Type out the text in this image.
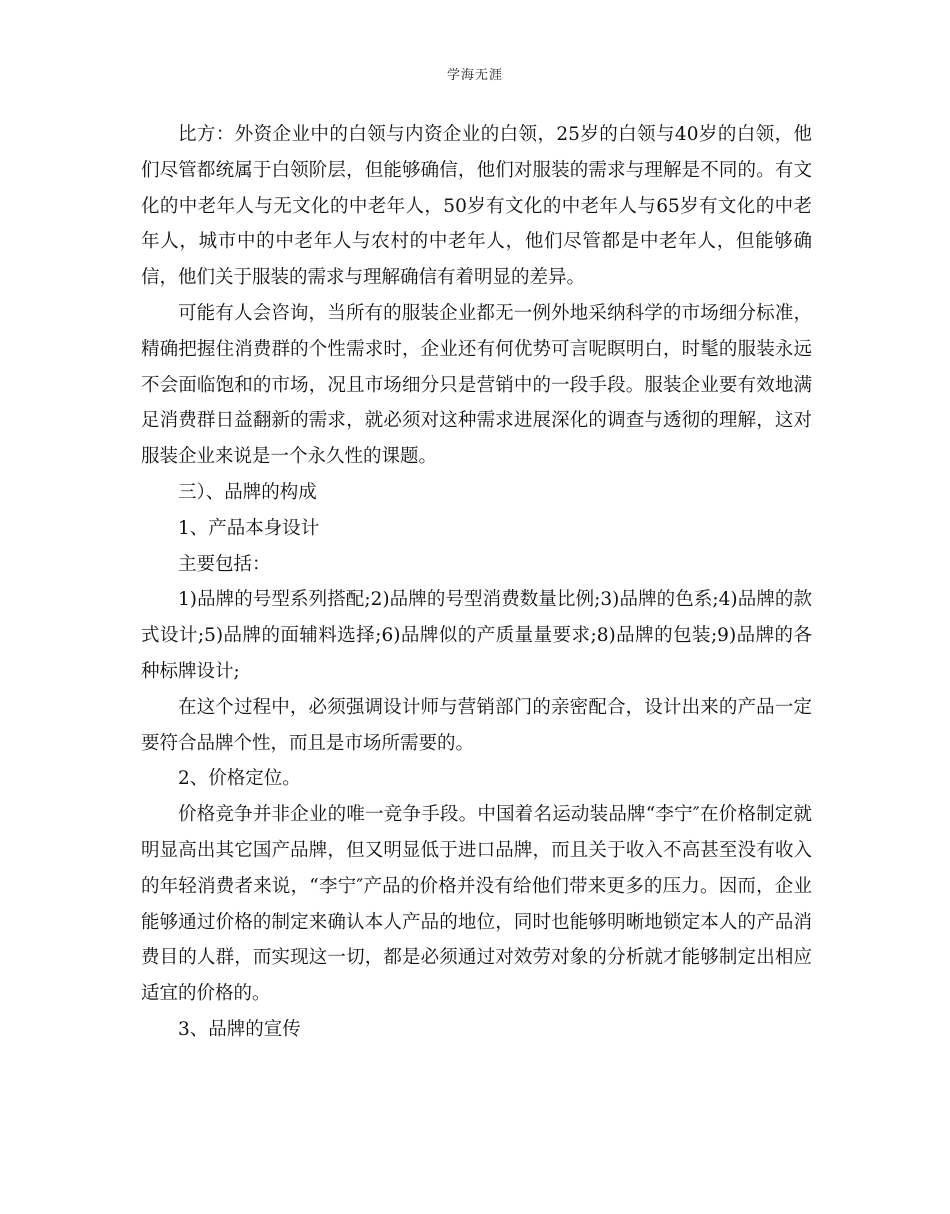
学海无涯

比方：外资企业中的白领与内资企业的白领，25岁的白领与40岁的白领，他们尽管都统属于白领阶层，但能够确信，他们对服装的需求与理解是不同的。有文化的中老年人与无文化的中老年人，50岁有文化的中老年人与65岁有文化的中老年人，城市中的中老年人与农村的中老年人，他们尽管都是中老年人，但能够确信，他们关于服装的需求与理解确信有着明显的差异。

可能有人会咨询，当所有的服装企业都无一例外地采纳科学的市场细分标准，精确把握住消费群的个性需求时，企业还有何优势可言呢瞑明白，时髦的服装永远不会面临饱和的市场，况且市场细分只是营销中的一段手段。服装企业要有效地满足消费群日益翻新的需求，就必须对这种需求进展深化的调查与透彻的理解，这对服装企业来说是一个永久性的课题。

三）、品牌的构成

1、产品本身设计

主要包括：

1)品牌的号型系列搭配;2)品牌的号型消费数量比例;3)品牌的色系;4)品牌的款式设计;5)品牌的面辅料选择;6)品牌似的产质量量要求;8)品牌的包装;9)品牌的各种标牌设计;

在这个过程中，必须强调设计师与营销部门的亲密配合，设计出来的产品一定要符合品牌个性，而且是市场所需要的。

2、价格定位。

价格竞争并非企业的唯一竞争手段。中国着名运动装品牌“李宁″在价格制定就明显高出其它国产品牌，但又明显低于进口品牌，而且关于收入不高甚至没有收入的年轻消费者来说，“李宁″产品的价格并没有给他们带来更多的压力。因而，企业能够通过价格的制定来确认本人产品的地位，同时也能够明晰地锁定本人的产品消费目的人群，而实现这一切，都是必须通过对效劳对象的分析就才能够制定出相应适宜的价格的。

3、品牌的宣传
